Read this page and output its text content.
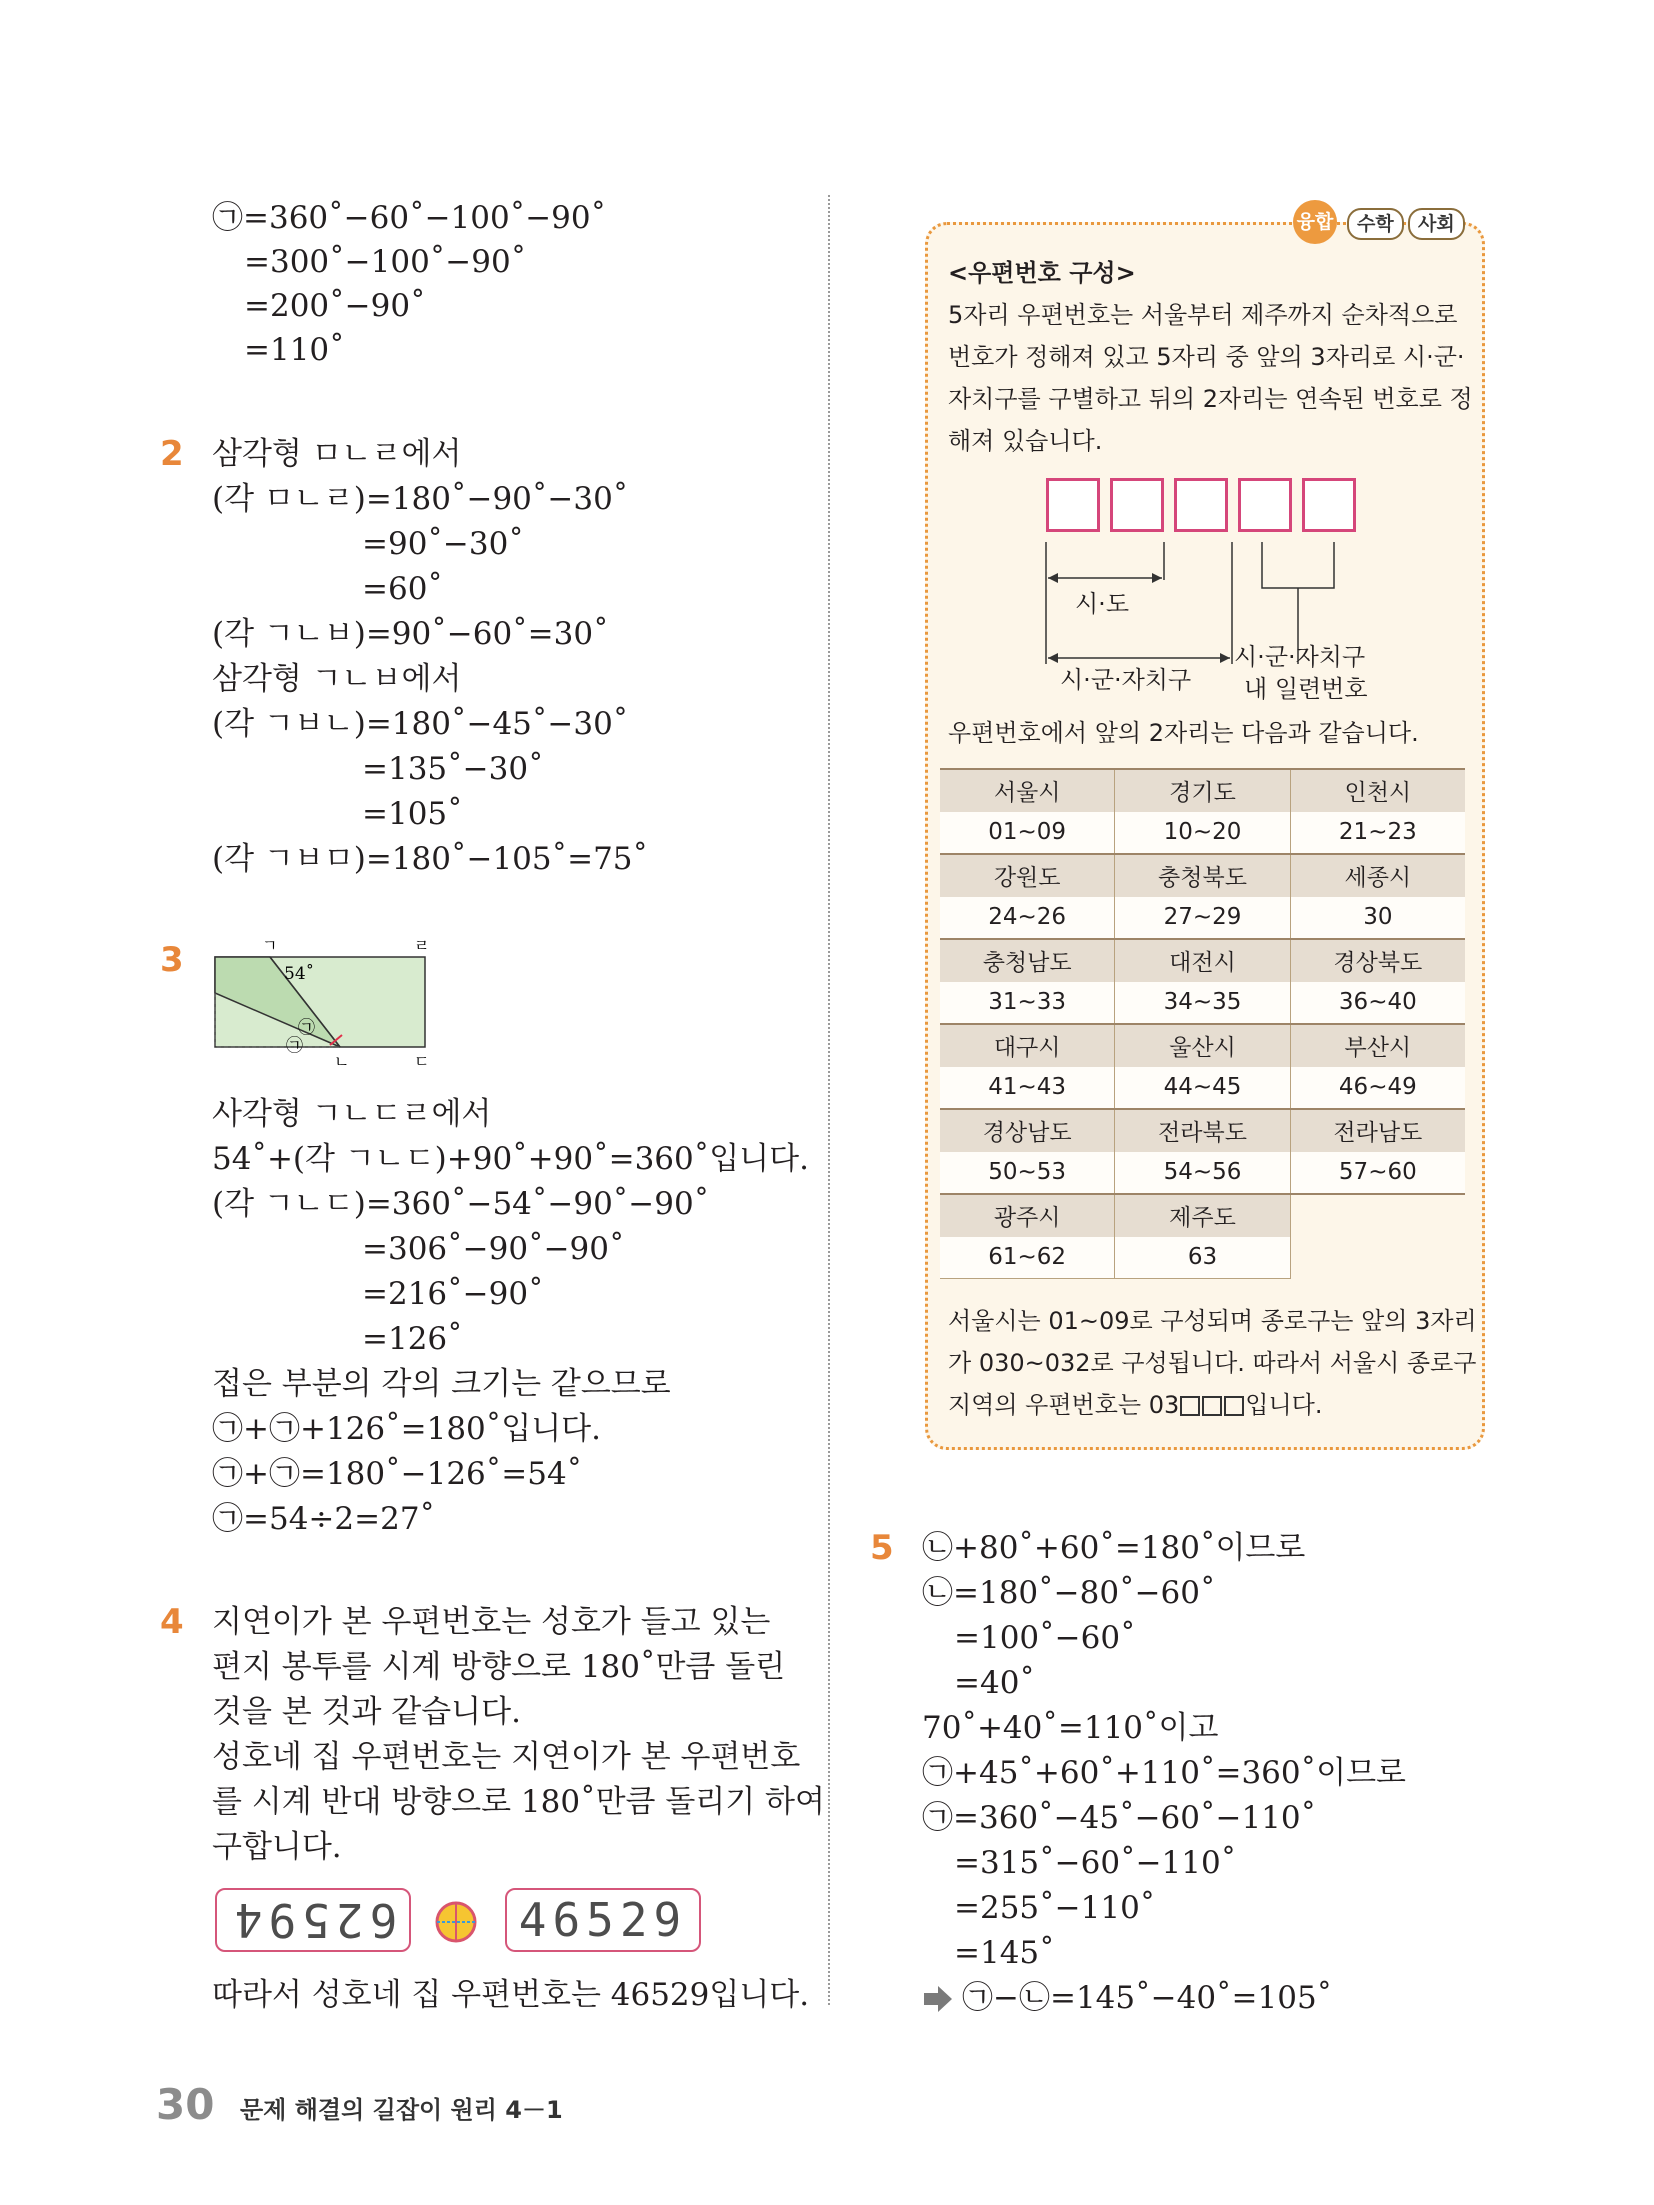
㉠=360˚−60˚−100˚−90˚
=300˚−100˚−90˚
=200˚−90˚
=110˚
2 삼각형 ㅁㄴㄹ에서
(각 ㅁㄴㄹ)=180˚−90˚−30˚
=90˚−30˚
=60˚
(각 ㄱㄴㅂ)=90˚−60˚=30˚
삼각형 ㄱㄴㅂ에서
(각 ㄱㅂㄴ)=180˚−45˚−30˚
=135˚−30˚
=105˚
(각 ㄱㅂㅁ)=180˚−105˚=75˚
3	ㄱ	ㄹ
ㄷ
ㄴ
54˚
㉠
㉠
사각형 ㄱㄴㄷㄹ에서
54˚+(각 ㄱㄴㄷ)+90˚+90˚=360˚입니다.
(각 ㄱㄴㄷ)=360˚−54˚−90˚−90˚
=306˚−90˚−90˚
=216˚−90˚
=126˚
접은 부분의 각의 크기는 같으므로
㉠+㉠+126˚=180˚입니다.
㉠+㉠=180˚−126˚=54˚
㉠=54÷2=27˚
4 지연이가 본 우편번호는 성호가 들고 있는
편지 봉투를 시계 방향으로 180˚만큼 돌린
것을 본 것과 같습니다.
성호네 집 우편번호는 지연이가 본 우편번호
를 시계 반대 방향으로 180˚만큼 돌리기 하여
구합니다.
62594	46529
따라서 성호네 집 우편번호는 46529입니다.
융합	수학	사회
<우편번호 구성>
5자리 우편번호는 서울부터 제주까지 순차적으로
번호가 정해져 있고 5자리 중 앞의 3자리로 시·군·
자치구를 구별하고 뒤의 2자리는 연속된 번호로 정
해져 있습니다.
시·도
시·군·자치구
시·군·자치구
내 일련번호
우편번호에서 앞의 2자리는 다음과 같습니다.
서울시	경기도	인천시
01~09	10~20	21~23
강원도	충청북도	세종시
24~26	27~29	30
충청남도	대전시	경상북도
31~33	34~35	36~40
대구시	울산시	부산시
41~43	44~45	46~49
경상남도	전라북도	전라남도
50~53	54~56	57~60
광주시	제주도	
61~62	63	
서울시는 01~09로 구성되며 종로구는 앞의 3자리
가 030~032로 구성됩니다. 따라서 서울시 종로구
지역의 우편번호는 03	입니다.
5 ㉡+80˚+60˚=180˚이므로
㉡=180˚−80˚−60˚
=100˚−60˚
=40˚
70˚+40˚=110˚이고
㉠+45˚+60˚+110˚=360˚이므로
㉠=360˚−45˚−60˚−110˚
=315˚−60˚−110˚
=255˚−110˚
=145˚
㉠−㉡=145˚−40˚=105˚
30 문제 해결의 길잡이 원리 4－1
